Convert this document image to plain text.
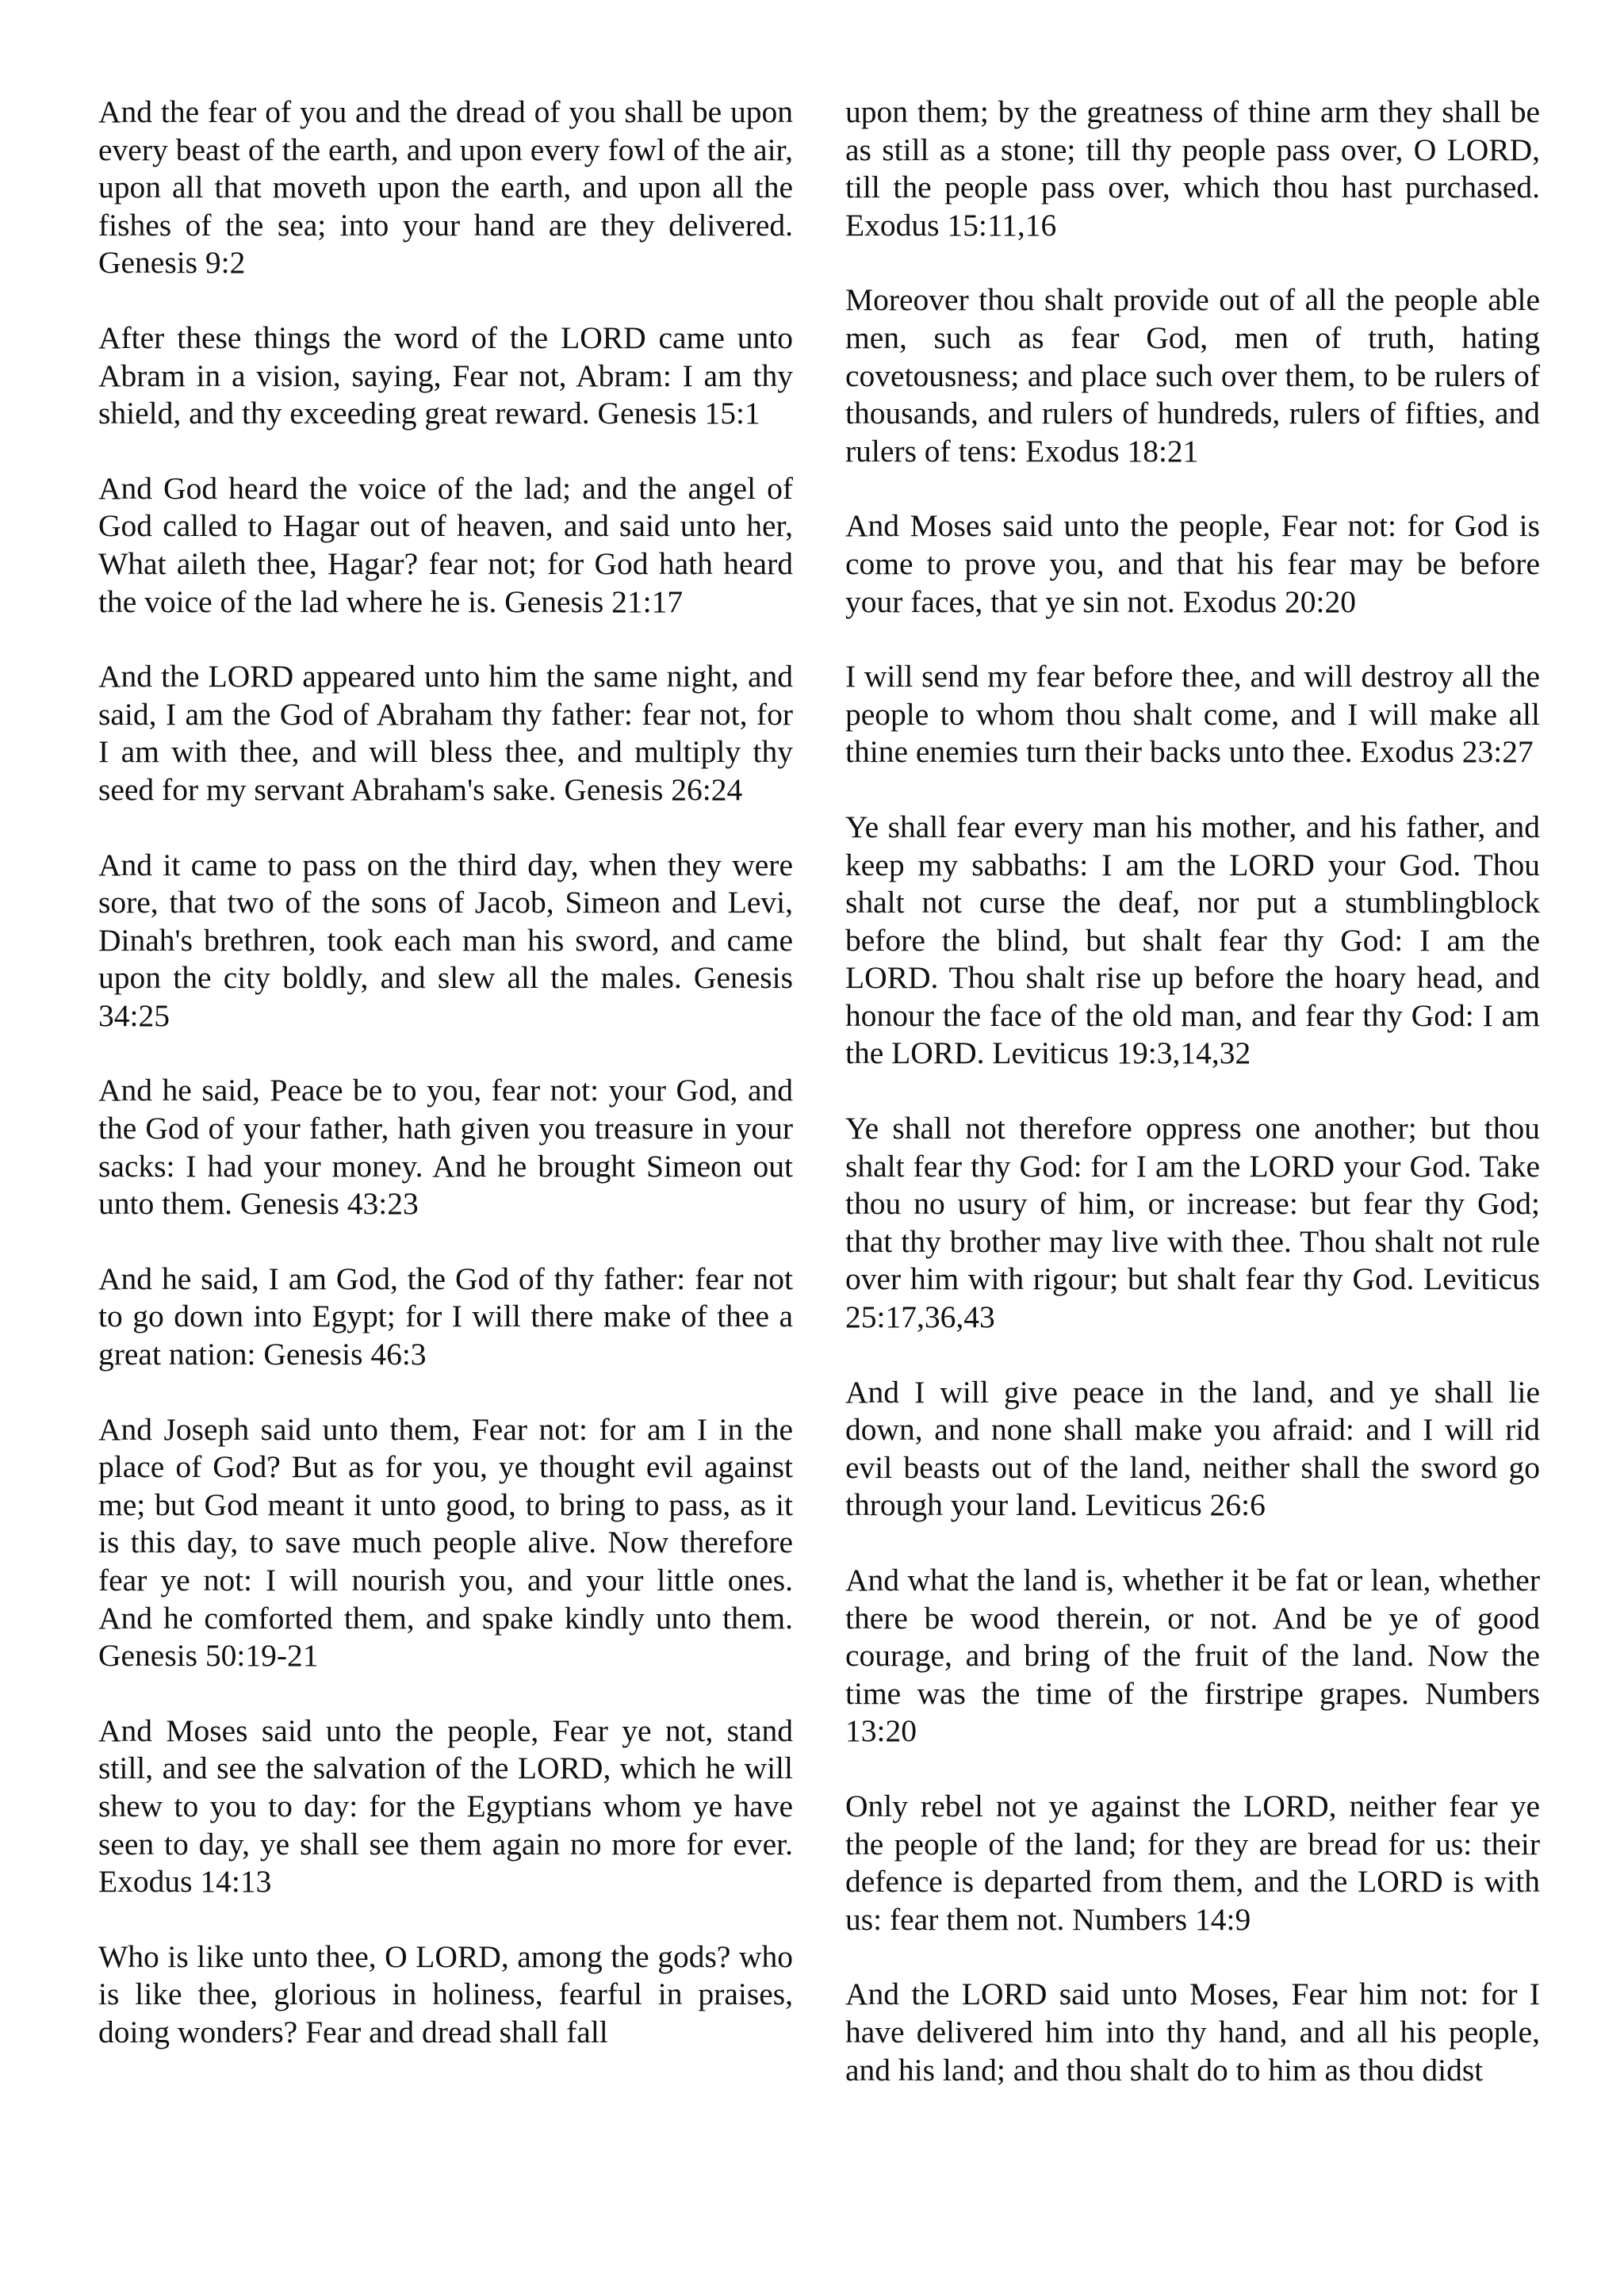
And the fear of you and the dread of you shall be upon every beast of the earth, and upon every fowl of the air, upon all that moveth upon the earth, and upon all the fishes of the sea; into your hand are they delivered. Genesis 9:2

After these things the word of the LORD came unto Abram in a vision, saying, Fear not, Abram: I am thy shield, and thy exceeding great reward. Genesis 15:1

And God heard the voice of the lad; and the angel of God called to Hagar out of heaven, and said unto her, What aileth thee, Hagar? fear not; for God hath heard the voice of the lad where he is. Genesis 21:17

And the LORD appeared unto him the same night, and said, I am the God of Abraham thy father: fear not, for I am with thee, and will bless thee, and multiply thy seed for my servant Abraham's sake. Genesis 26:24

And it came to pass on the third day, when they were sore, that two of the sons of Jacob, Simeon and Levi, Dinah's brethren, took each man his sword, and came upon the city boldly, and slew all the males. Genesis 34:25

And he said, Peace be to you, fear not: your God, and the God of your father, hath given you treasure in your sacks: I had your money. And he brought Simeon out unto them. Genesis 43:23

And he said, I am God, the God of thy father: fear not to go down into Egypt; for I will there make of thee a great nation: Genesis 46:3

And Joseph said unto them, Fear not: for am I in the place of God? But as for you, ye thought evil against me; but God meant it unto good, to bring to pass, as it is this day, to save much people alive. Now therefore fear ye not: I will nourish you, and your little ones. And he comforted them, and spake kindly unto them. Genesis 50:19-21

And Moses said unto the people, Fear ye not, stand still, and see the salvation of the LORD, which he will shew to you to day: for the Egyptians whom ye have seen to day, ye shall see them again no more for ever. Exodus 14:13

Who is like unto thee, O LORD, among the gods? who is like thee, glorious in holiness, fearful in praises, doing wonders? Fear and dread shall fall

upon them; by the greatness of thine arm they shall be as still as a stone; till thy people pass over, O LORD, till the people pass over, which thou hast purchased. Exodus 15:11,16

Moreover thou shalt provide out of all the people able men, such as fear God, men of truth, hating covetousness; and place such over them, to be rulers of thousands, and rulers of hundreds, rulers of fifties, and rulers of tens: Exodus 18:21

And Moses said unto the people, Fear not: for God is come to prove you, and that his fear may be before your faces, that ye sin not. Exodus 20:20

I will send my fear before thee, and will destroy all the people to whom thou shalt come, and I will make all thine enemies turn their backs unto thee. Exodus 23:27

Ye shall fear every man his mother, and his father, and keep my sabbaths: I am the LORD your God. Thou shalt not curse the deaf, nor put a stumblingblock before the blind, but shalt fear thy God: I am the LORD. Thou shalt rise up before the hoary head, and honour the face of the old man, and fear thy God: I am the LORD. Leviticus 19:3,14,32

Ye shall not therefore oppress one another; but thou shalt fear thy God: for I am the LORD your God. Take thou no usury of him, or increase: but fear thy God; that thy brother may live with thee. Thou shalt not rule over him with rigour; but shalt fear thy God. Leviticus 25:17,36,43

And I will give peace in the land, and ye shall lie down, and none shall make you afraid: and I will rid evil beasts out of the land, neither shall the sword go through your land. Leviticus 26:6

And what the land is, whether it be fat or lean, whether there be wood therein, or not. And be ye of good courage, and bring of the fruit of the land. Now the time was the time of the firstripe grapes. Numbers 13:20

Only rebel not ye against the LORD, neither fear ye the people of the land; for they are bread for us: their defence is departed from them, and the LORD is with us: fear them not. Numbers 14:9

And the LORD said unto Moses, Fear him not: for I have delivered him into thy hand, and all his people, and his land; and thou shalt do to him as thou didst
